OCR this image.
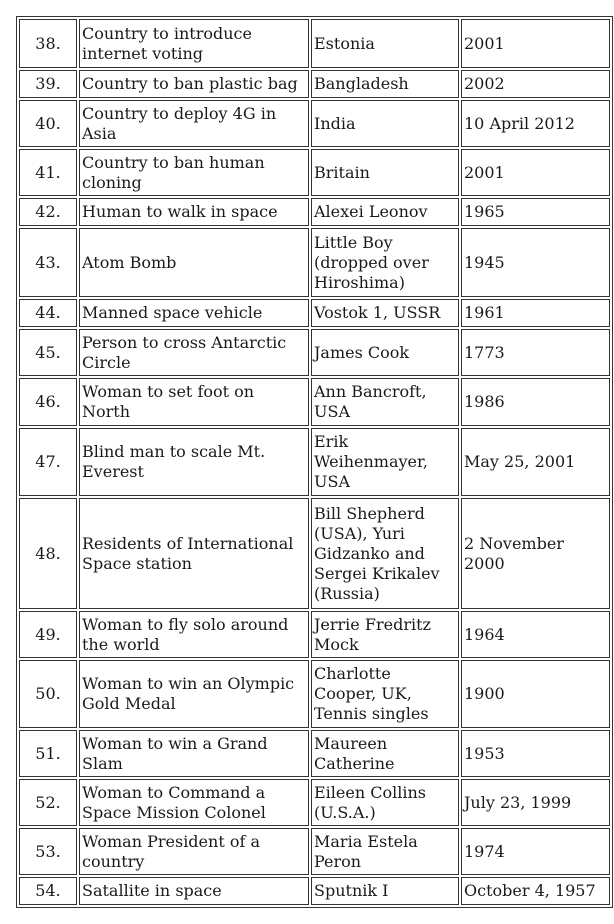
38.	Country to introduce internet voting	Estonia	2001
39.	Country to ban plastic bag	Bangladesh	2002
40.	Country to deploy 4G in Asia	India	10 April 2012
41.	Country to ban human cloning	Britain	2001
42.	Human to walk in space	Alexei Leonov	1965
43.	Atom Bomb	Little Boy (dropped over Hiroshima)	1945
44.	Manned space vehicle	Vostok 1, USSR	1961
45.	Person to cross Antarctic Circle	James Cook	1773
46.	Woman to set foot on North	Ann Bancroft, USA	1986
47.	Blind man to scale Mt. Everest	Erik Weihenmayer, USA	May 25, 2001
48.	Residents of International Space station	Bill Shepherd (USA), Yuri Gidzanko and Sergei Krikalev (Russia)	2 November 2000
49.	Woman to fly solo around the world	Jerrie Fredritz Mock	1964
50.	Woman to win an Olympic Gold Medal	Charlotte Cooper, UK, Tennis singles	1900
51.	Woman to win a Grand Slam	Maureen Catherine	1953
52.	Woman to Command a Space Mission Colonel	Eileen Collins (U.S.A.)	July 23, 1999
53.	Woman President of a country	Maria Estela Peron	1974
54.	Satallite in space	Sputnik I	October 4, 1957
